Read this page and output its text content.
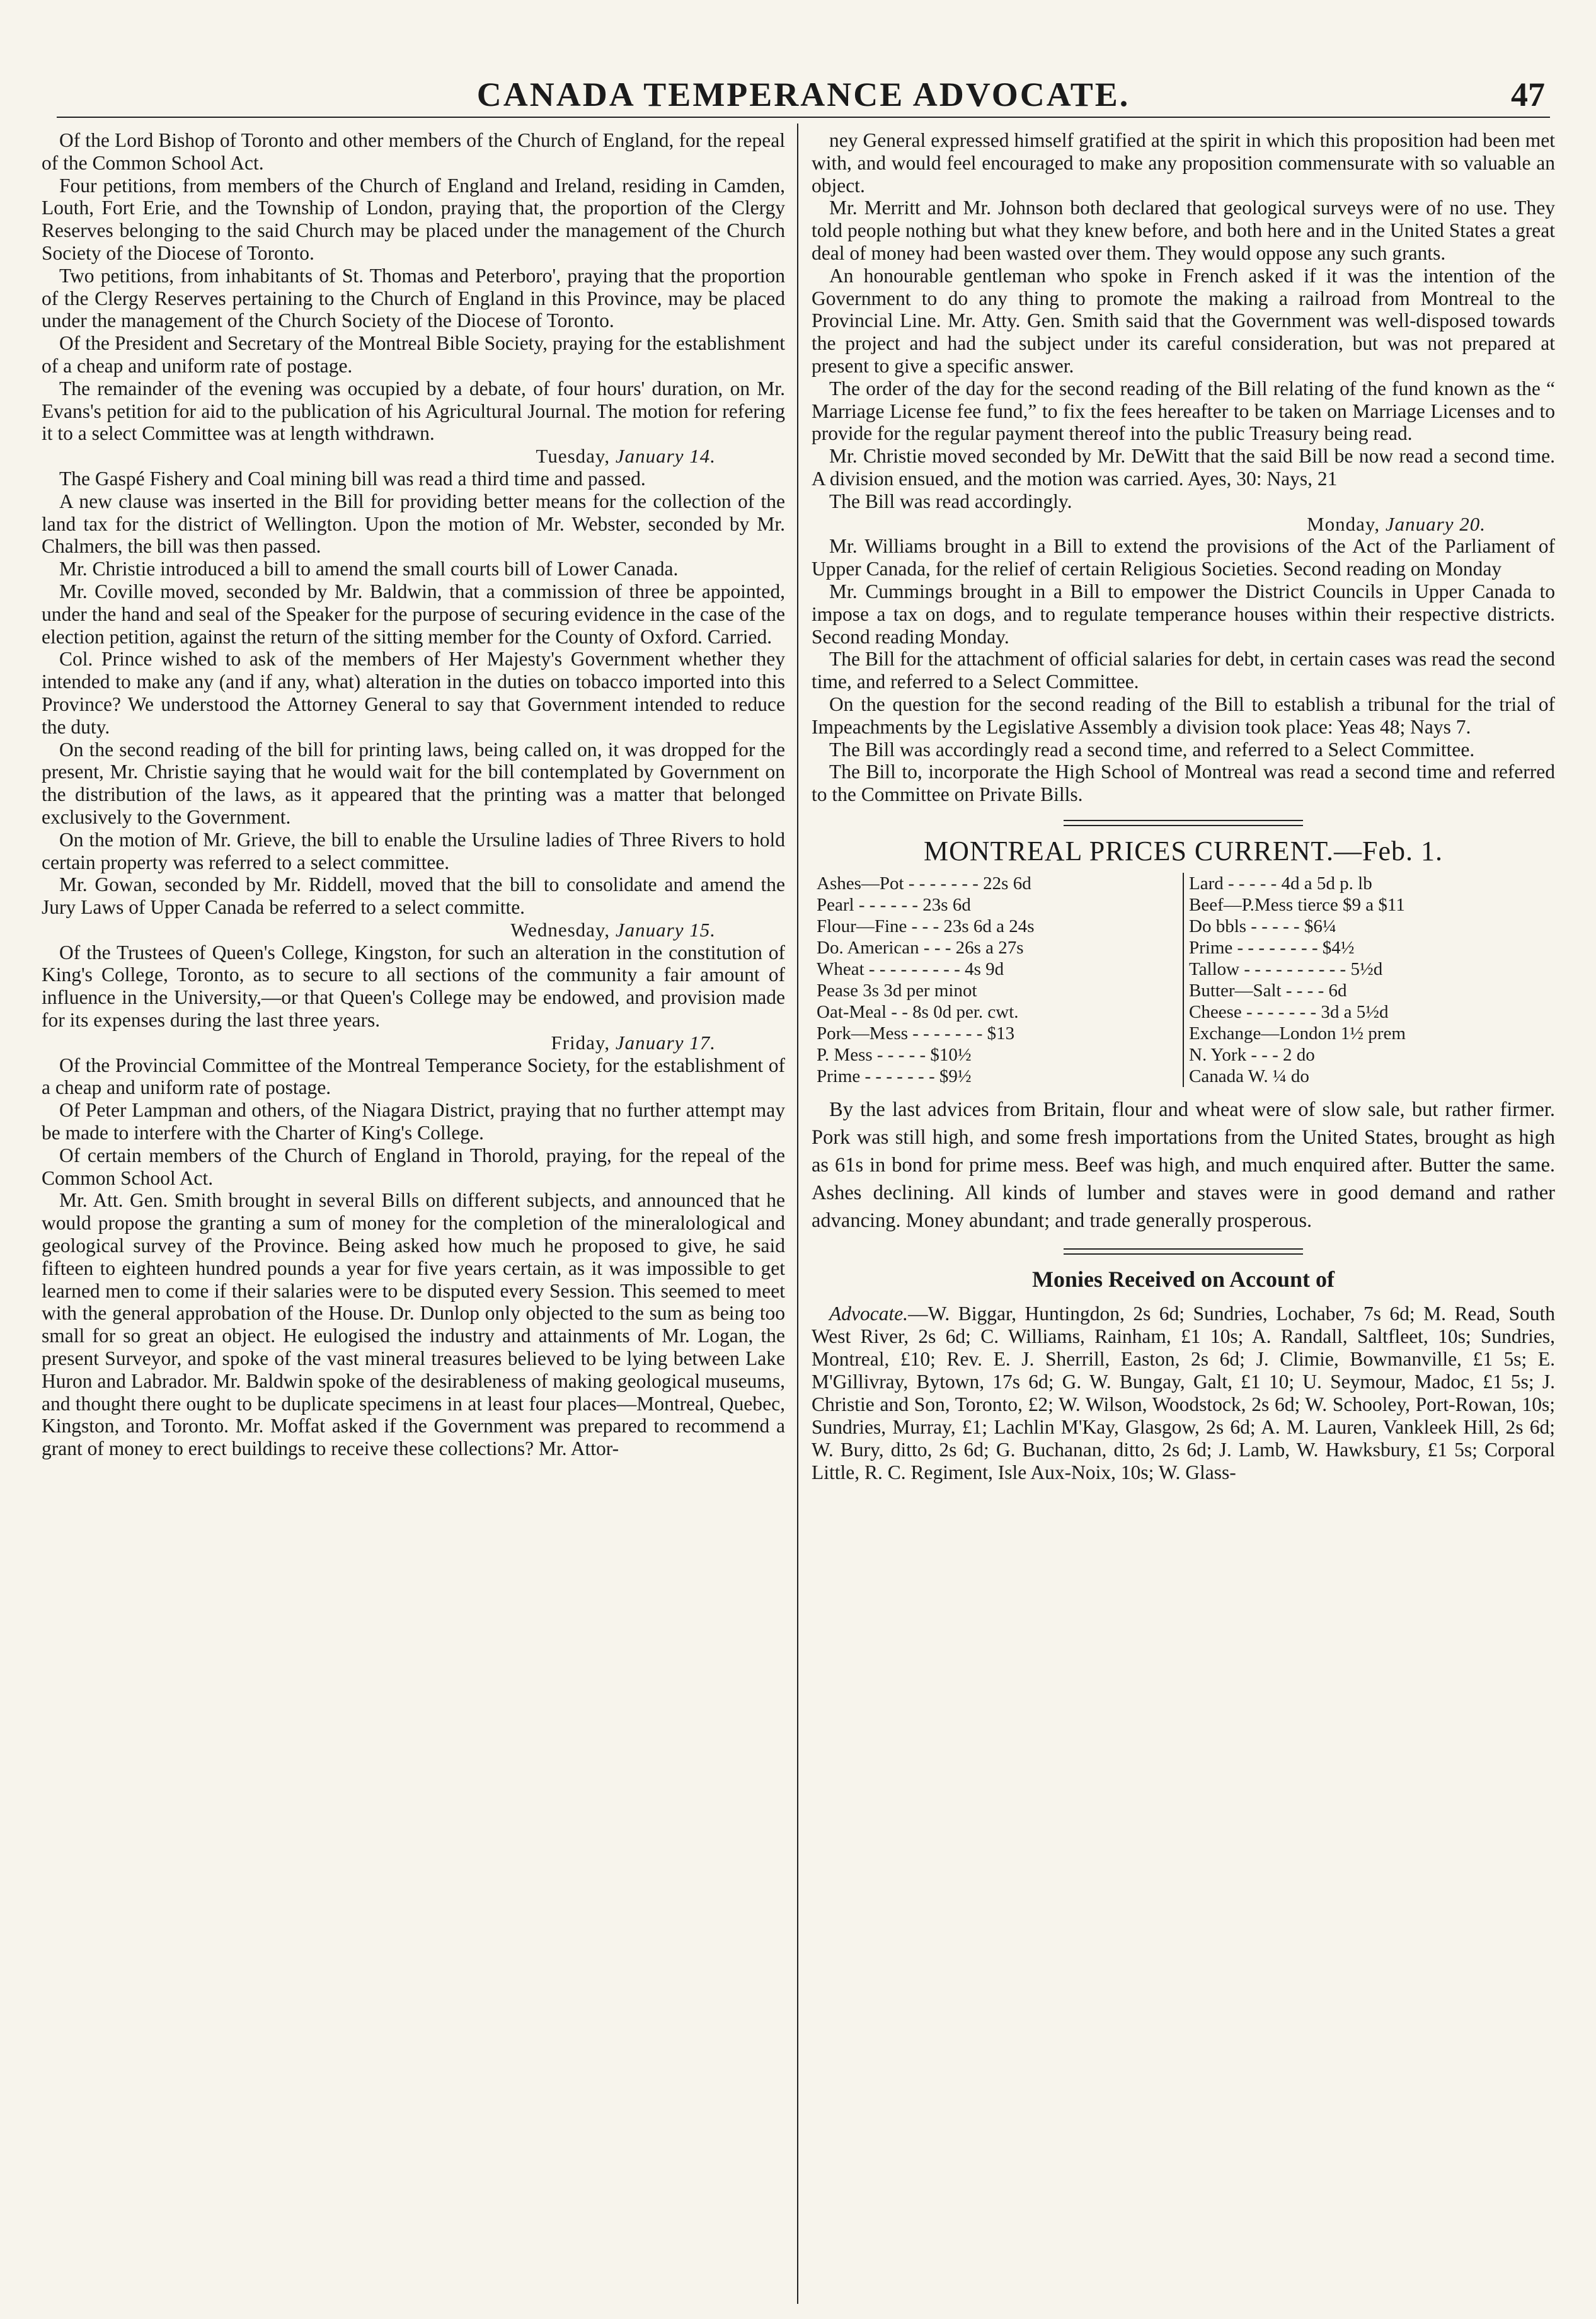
CANADA TEMPERANCE ADVOCATE.	47

Of the Lord Bishop of Toronto and other members of the Church of England, for the repeal of the Common School Act.

Four petitions, from members of the Church of England and Ireland, residing in Camden, Louth, Fort Erie, and the Township of London, praying that, the proportion of the Clergy Reserves belonging to the said Church may be placed under the management of the Church Society of the Diocese of Toronto.

Two petitions, from inhabitants of St. Thomas and Peterboro', praying that the proportion of the Clergy Reserves pertaining to the Church of England in this Province, may be placed under the management of the Church Society of the Diocese of Toronto.

Of the President and Secretary of the Montreal Bible Society, praying for the establishment of a cheap and uniform rate of postage.

The remainder of the evening was occupied by a debate, of four hours' duration, on Mr. Evans's petition for aid to the publication of his Agricultural Journal. The motion for refering it to a select Committee was at length withdrawn.

Tuesday, January 14.

The Gaspé Fishery and Coal mining bill was read a third time and passed.

A new clause was inserted in the Bill for providing better means for the collection of the land tax for the district of Wellington. Upon the motion of Mr. Webster, seconded by Mr. Chalmers, the bill was then passed.

Mr. Christie introduced a bill to amend the small courts bill of Lower Canada.

Mr. Coville moved, seconded by Mr. Baldwin, that a commission of three be appointed, under the hand and seal of the Speaker for the purpose of securing evidence in the case of the election petition, against the return of the sitting member for the County of Oxford. Carried.

Col. Prince wished to ask of the members of Her Majesty's Government whether they intended to make any (and if any, what) alteration in the duties on tobacco imported into this Province? We understood the Attorney General to say that Government intended to reduce the duty.

On the second reading of the bill for printing laws, being called on, it was dropped for the present, Mr. Christie saying that he would wait for the bill contemplated by Government on the distribution of the laws, as it appeared that the printing was a matter that belonged exclusively to the Government.

On the motion of Mr. Grieve, the bill to enable the Ursuline ladies of Three Rivers to hold certain property was referred to a select committee.

Mr. Gowan, seconded by Mr. Riddell, moved that the bill to consolidate and amend the Jury Laws of Upper Canada be referred to a select committe.

Wednesday, January 15.

Of the Trustees of Queen's College, Kingston, for such an alteration in the constitution of King's College, Toronto, as to secure to all sections of the community a fair amount of influence in the University,—or that Queen's College may be endowed, and provision made for its expenses during the last three years.

Friday, January 17.

Of the Provincial Committee of the Montreal Temperance Society, for the establishment of a cheap and uniform rate of postage.

Of Peter Lampman and others, of the Niagara District, praying that no further attempt may be made to interfere with the Charter of King's College.

Of certain members of the Church of England in Thorold, praying, for the repeal of the Common School Act.

Mr. Att. Gen. Smith brought in several Bills on different subjects, and announced that he would propose the granting a sum of money for the completion of the mineralological and geological survey of the Province. Being asked how much he proposed to give, he said fifteen to eighteen hundred pounds a year for five years certain, as it was impossible to get learned men to come if their salaries were to be disputed every Session. This seemed to meet with the general approbation of the House. Dr. Dunlop only objected to the sum as being too small for so great an object. He eulogised the industry and attainments of Mr. Logan, the present Surveyor, and spoke of the vast mineral treasures believed to be lying between Lake Huron and Labrador. Mr. Baldwin spoke of the desirableness of making geological museums, and thought there ought to be duplicate specimens in at least four places—Montreal, Quebec, Kingston, and Toronto. Mr. Moffat asked if the Government was prepared to recommend a grant of money to erect buildings to receive these collections? Mr. Attor-

ney General expressed himself gratified at the spirit in which this proposition had been met with, and would feel encouraged to make any proposition commensurate with so valuable an object.

Mr. Merritt and Mr. Johnson both declared that geological surveys were of no use. They told people nothing but what they knew before, and both here and in the United States a great deal of money had been wasted over them. They would oppose any such grants.

An honourable gentleman who spoke in French asked if it was the intention of the Government to do any thing to promote the making a railroad from Montreal to the Provincial Line. Mr. Atty. Gen. Smith said that the Government was well-disposed towards the project and had the subject under its careful consideration, but was not prepared at present to give a specific answer.

The order of the day for the second reading of the Bill relating of the fund known as the “ Marriage License fee fund,” to fix the fees hereafter to be taken on Marriage Licenses and to provide for the regular payment thereof into the public Treasury being read.

Mr. Christie moved seconded by Mr. DeWitt that the said Bill be now read a second time. A division ensued, and the motion was carried. Ayes, 30: Nays, 21

The Bill was read accordingly.

Monday, January 20.

Mr. Williams brought in a Bill to extend the provisions of the Act of the Parliament of Upper Canada, for the relief of certain Religious Societies. Second reading on Monday

Mr. Cummings brought in a Bill to empower the District Councils in Upper Canada to impose a tax on dogs, and to regulate temperance houses within their respective districts. Second reading Monday.

The Bill for the attachment of official salaries for debt, in certain cases was read the second time, and referred to a Select Committee.

On the question for the second reading of the Bill to establish a tribunal for the trial of Impeachments by the Legislative Assembly a division took place: Yeas 48; Nays 7.

The Bill was accordingly read a second time, and referred to a Select Committee.

The Bill to, incorporate the High School of Montreal was read a second time and referred to the Committee on Private Bills.

MONTREAL PRICES CURRENT.—Feb. 1.
Ashes—Pot - - - - - - - 22s 6d
Pearl - - - - - - 23s 6d
Flour—Fine - - - 23s 6d a 24s
Do. American - - - 26s a 27s
Wheat - - - - - - - - - 4s 9d
Pease 3s 3d per minot
Oat-Meal - - 8s 0d per. cwt.
Pork—Mess - - - - - - - $13
P. Mess - - - - - $10½
Prime - - - - - - - $9½
Lard - - - - - 4d a 5d p. lb
Beef—P.Mess tierce $9 a $11
Do bbls - - - - - $6¼
Prime - - - - - - - - $4½
Tallow - - - - - - - - - - 5½d
Butter—Salt - - - - 6d
Cheese - - - - - - - 3d a 5½d
Exchange—London 1½ prem
N. York - - - 2 do
Canada W. ¼ do

By the last advices from Britain, flour and wheat were of slow sale, but rather firmer. Pork was still high, and some fresh importations from the United States, brought as high as 61s in bond for prime mess. Beef was high, and much enquired after. Butter the same. Ashes declining. All kinds of lumber and staves were in good demand and rather advancing. Money abundant; and trade generally prosperous.

Monies Received on Account of

Advocate.—W. Biggar, Huntingdon, 2s 6d; Sundries, Lochaber, 7s 6d; M. Read, South West River, 2s 6d; C. Williams, Rainham, £1 10s; A. Randall, Saltfleet, 10s; Sundries, Montreal, £10; Rev. E. J. Sherrill, Easton, 2s 6d; J. Climie, Bowmanville, £1 5s; E. M'Gillivray, Bytown, 17s 6d; G. W. Bungay, Galt, £1 10; U. Seymour, Madoc, £1 5s; J. Christie and Son, Toronto, £2; W. Wilson, Woodstock, 2s 6d; W. Schooley, Port-Rowan, 10s; Sundries, Murray, £1; Lachlin M'Kay, Glasgow, 2s 6d; A. M. Lauren, Vankleek Hill, 2s 6d; W. Bury, ditto, 2s 6d; G. Buchanan, ditto, 2s 6d; J. Lamb, W. Hawksbury, £1 5s; Corporal Little, R. C. Regiment, Isle Aux-Noix, 10s; W. Glass-
